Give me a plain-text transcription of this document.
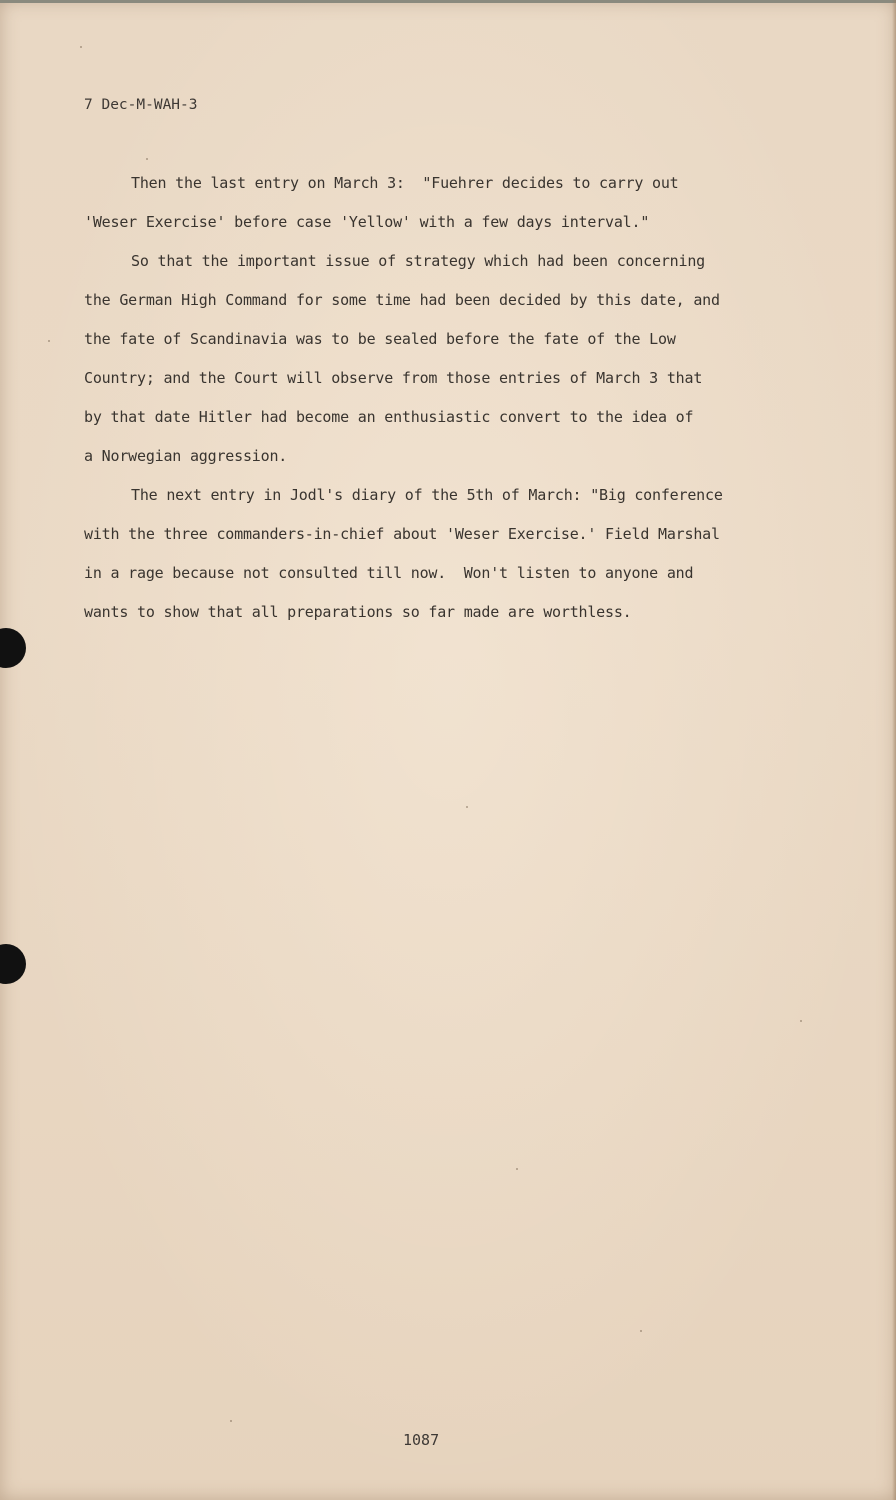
7 Dec-M-WAH-3
Then the last entry on March 3:  "Fuehrer decides to carry out
'Weser Exercise' before case 'Yellow' with a few days interval."
So that the important issue of strategy which had been concerning
the German High Command for some time had been decided by this date, and
the fate of Scandinavia was to be sealed before the fate of the Low
Country; and the Court will observe from those entries of March 3 that
by that date Hitler had become an enthusiastic convert to the idea of
a Norwegian aggression.
The next entry in Jodl's diary of the 5th of March: "Big conference
with the three commanders-in-chief about 'Weser Exercise.' Field Marshal
in a rage because not consulted till now.  Won't listen to anyone and
wants to show that all preparations so far made are worthless.
1087
